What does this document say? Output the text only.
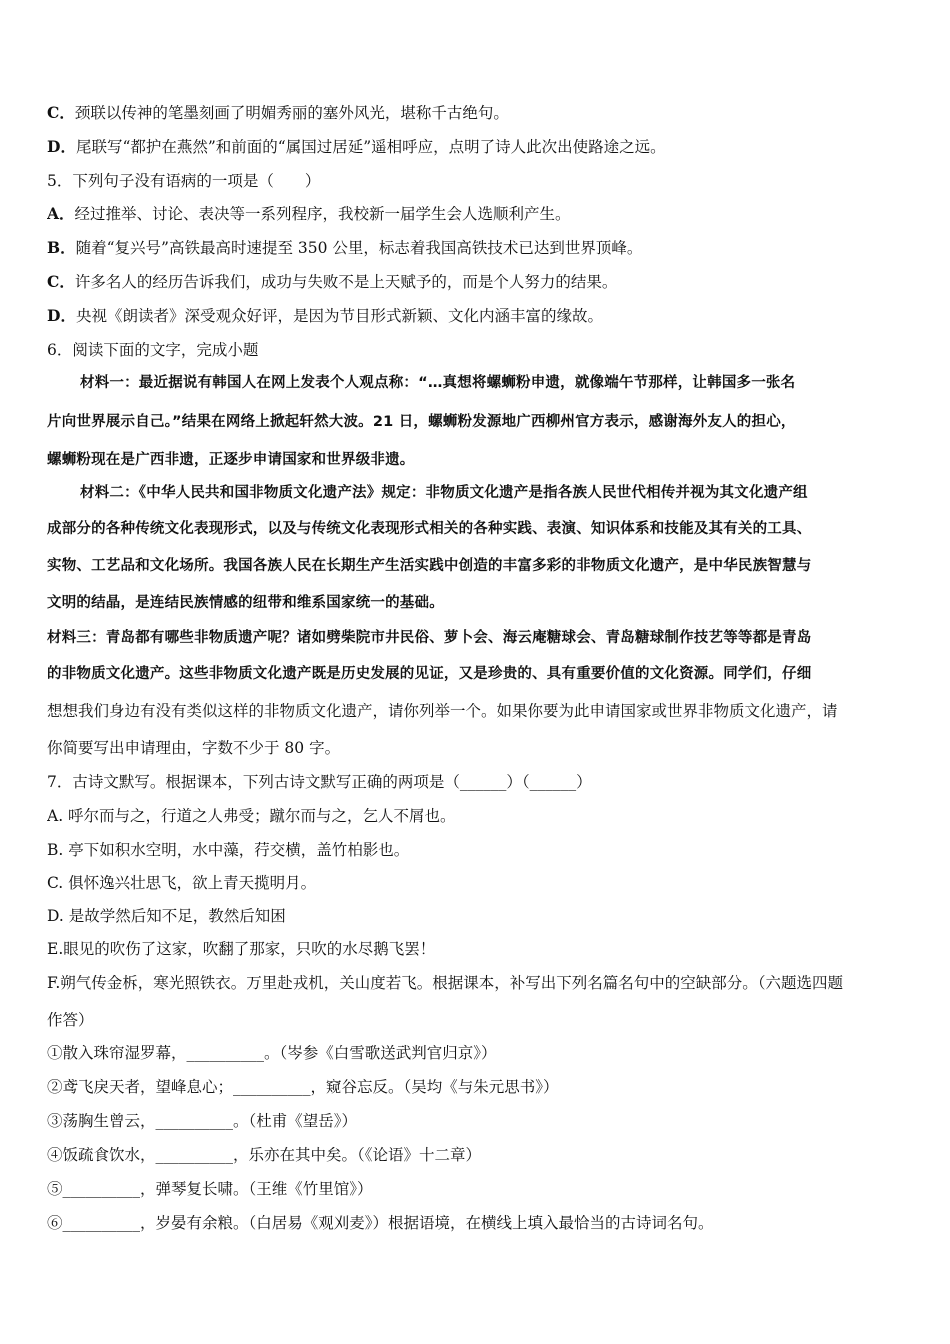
C．颈联以传神的笔墨刻画了明媚秀丽的塞外风光，堪称千古绝句。
D．尾联写“都护在燕然”和前面的“属国过居延”遥相呼应，点明了诗人此次出使路途之远。
5．下列句子没有语病的一项是（　　）
A．经过推举、讨论、表决等一系列程序，我校新一届学生会人选顺利产生。
B．随着“复兴号”高铁最高时速提至 350 公里，标志着我国高铁技术已达到世界顶峰。
C．许多名人的经历告诉我们，成功与失败不是上天赋予的，而是个人努力的结果。
D．央视《朗读者》深受观众好评，是因为节目形式新颖、文化内涵丰富的缘故。
6．阅读下面的文字，完成小题
材料一：最近据说有韩国人在网上发表个人观点称：“…真想将螺蛳粉申遗，就像端午节那样，让韩国多一张名
片向世界展示自己。”结果在网络上掀起轩然大波。21 日，螺蛳粉发源地广西柳州官方表示，感谢海外友人的担心，
螺蛳粉现在是广西非遗，正逐步申请国家和世界级非遗。
材料二：《中华人民共和国非物质文化遗产法》规定：非物质文化遗产是指各族人民世代相传并视为其文化遗产组
成部分的各种传统文化表现形式，以及与传统文化表现形式相关的各种实践、表演、知识体系和技能及其有关的工具、
实物、工艺品和文化场所。我国各族人民在长期生产生活实践中创造的丰富多彩的非物质文化遗产，是中华民族智慧与
文明的结晶，是连结民族情感的纽带和维系国家统一的基础。
材料三：青岛都有哪些非物质遗产呢？诸如劈柴院市井民俗、萝卜会、海云庵糖球会、青岛糖球制作技艺等等都是青岛
的非物质文化遗产。这些非物质文化遗产既是历史发展的见证，又是珍贵的、具有重要价值的文化资源。同学们，仔细
想想我们身边有没有类似这样的非物质文化遗产，请你列举一个。如果你要为此申请国家或世界非物质文化遗产，请
你简要写出申请理由，字数不少于 80 字。
7．古诗文默写。根据课本，下列古诗文默写正确的两项是（______）（______）
A. 呼尔而与之，行道之人弗受；蹴尔而与之，乞人不屑也。
B. 亭下如积水空明，水中藻，荇交横，盖竹柏影也。
C. 俱怀逸兴壮思飞，欲上青天揽明月。
D. 是故学然后知不足，教然后知困
E.眼见的吹伤了这家，吹翻了那家，只吹的水尽鹅飞罢！
F.朔气传金柝，寒光照铁衣。万里赴戎机，关山度若飞。根据课本，补写出下列名篇名句中的空缺部分。（六题选四题
作答）
①散入珠帘湿罗幕，__________。（岑参《白雪歌送武判官归京》）
②鸢飞戾天者，望峰息心；__________，窥谷忘反。（吴均《与朱元思书》）
③荡胸生曾云，__________。（杜甫《望岳》）
④饭疏食饮水，__________，乐亦在其中矣。（《论语》十二章）
⑤__________，弹琴复长啸。（王维《竹里馆》）
⑥__________，岁晏有余粮。（白居易《观刈麦》）根据语境，在横线上填入最恰当的古诗词名句。
